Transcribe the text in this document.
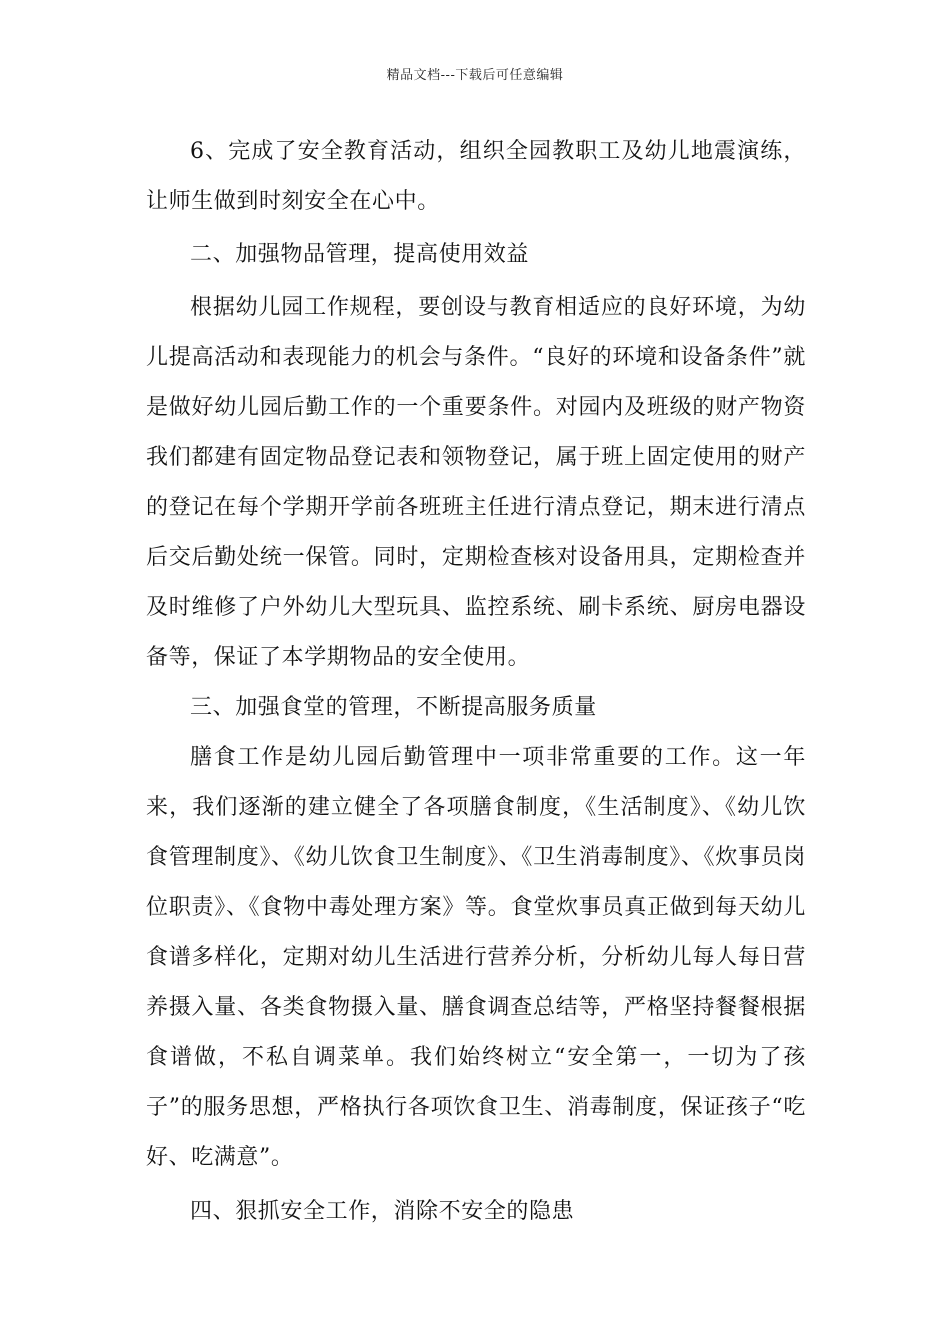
精品文档---下载后可任意编辑

6、完成了安全教育活动，组织全园教职工及幼儿地震演练，让师生做到时刻安全在心中。

二、加强物品管理，提高使用效益

根据幼儿园工作规程，要创设与教育相适应的良好环境，为幼儿提高活动和表现能力的机会与条件。“良好的环境和设备条件”就是做好幼儿园后勤工作的一个重要条件。对园内及班级的财产物资我们都建有固定物品登记表和领物登记，属于班上固定使用的财产的登记在每个学期开学前各班班主任进行清点登记，期末进行清点后交后勤处统一保管。同时，定期检查核对设备用具，定期检查并及时维修了户外幼儿大型玩具、监控系统、刷卡系统、厨房电器设备等，保证了本学期物品的安全使用。

三、加强食堂的管理，不断提高服务质量

膳食工作是幼儿园后勤管理中一项非常重要的工作。这一年来，我们逐渐的建立健全了各项膳食制度，《生活制度》、《幼儿饮食管理制度》、《幼儿饮食卫生制度》、《卫生消毒制度》、《炊事员岗位职责》、《食物中毒处理方案》等。食堂炊事员真正做到每天幼儿食谱多样化，定期对幼儿生活进行营养分析，分析幼儿每人每日营养摄入量、各类食物摄入量、膳食调查总结等，严格坚持餐餐根据食谱做，不私自调菜单。我们始终树立“安全第一，一切为了孩子”的服务思想，严格执行各项饮食卫生、消毒制度，保证孩子“吃好、吃满意”。

四、狠抓安全工作，消除不安全的隐患
